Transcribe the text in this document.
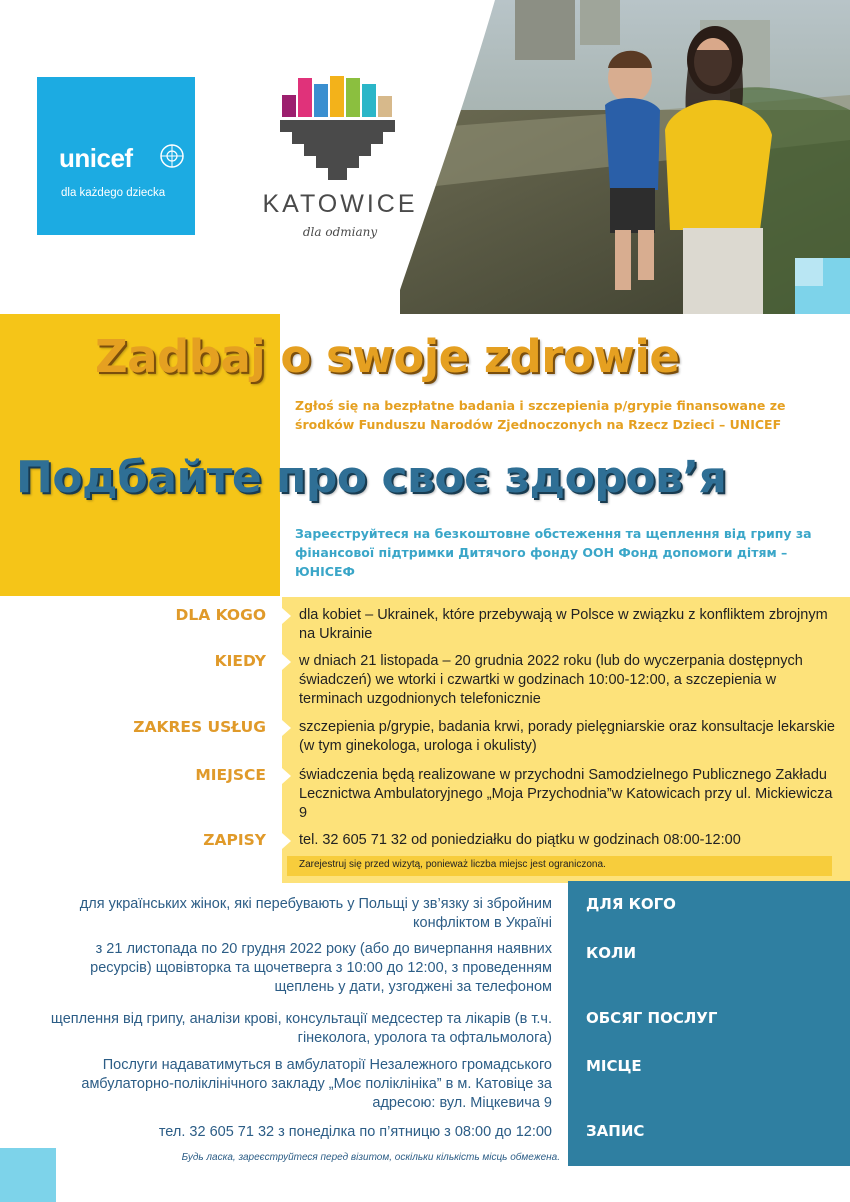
unicef
dla każdego dziecka	KATOWICE
dla odmiany
Zadbaj o swoje zdrowie
Zgłoś się na bezpłatne badania i szczepienia p/grypie finansowane ze środków Funduszu Narodów Zjednoczonych na Rzecz Dzieci – UNICEF
Подбайте про своє здоров’я
Зареєструйтеся на безкоштовне обстеження та щеплення від грипу за фінансової підтримки Дитячого фонду ООН Фонд допомоги дітям – ЮНІСЕФ
DLA KOGO dla kobiet – Ukrainek, które przebywają w Polsce w związku z konfliktem zbrojnym na Ukrainie
KIEDY w dniach 21 listopada – 20 grudnia 2022 roku (lub do wyczerpania dostępnych świadczeń) we wtorki i czwartki w godzinach 10:00-12:00, a szczepienia w terminach uzgodnionych telefonicznie
ZAKRES USŁUG szczepienia p/grypie, badania krwi, porady pielęgniarskie oraz konsultacje lekarskie (w tym ginekologa, urologa i okulisty)
MIEJSCE świadczenia będą realizowane w przychodni Samodzielnego Publicznego Zakładu Lecznictwa Ambulatoryjnego „Moja Przychodnia”w Katowicach przy ul. Mickiewicza 9
ZAPISY tel. 32 605 71 32 od poniedziałku do piątku w godzinach 08:00-12:00
Zarejestruj się przed wizytą, ponieważ liczba miejsc jest ograniczona.
ДЛЯ КОГО
для українських жінок, які перебувають у Польщі у зв’язку зі збройним конфліктом в Україні
КОЛИ
з 21 листопада по 20 грудня 2022 року (або до вичерпання наявних ресурсів) щовівторка та щочетверга з 10:00 до 12:00, з проведенням щеплень у дати, узгоджені за телефоном
ОБСЯГ ПОСЛУГ
щеплення від грипу, аналізи крові, консультації медсестер та лікарів (в т.ч. гінеколога, уролога та офтальмолога)
МІСЦЕ
Послуги надаватимуться в амбулаторії Незалежного громадського амбулаторно-поліклінічного закладу „Моє поліклініка” в м. Катовіце за адресою: вул. Міцкевича 9
ЗАПИС
тел. 32 605 71 32 з понеділка по п’ятницю з 08:00 до 12:00
Будь ласка, зареєструйтеся перед візитом, оскільки кількість місць обмежена.
